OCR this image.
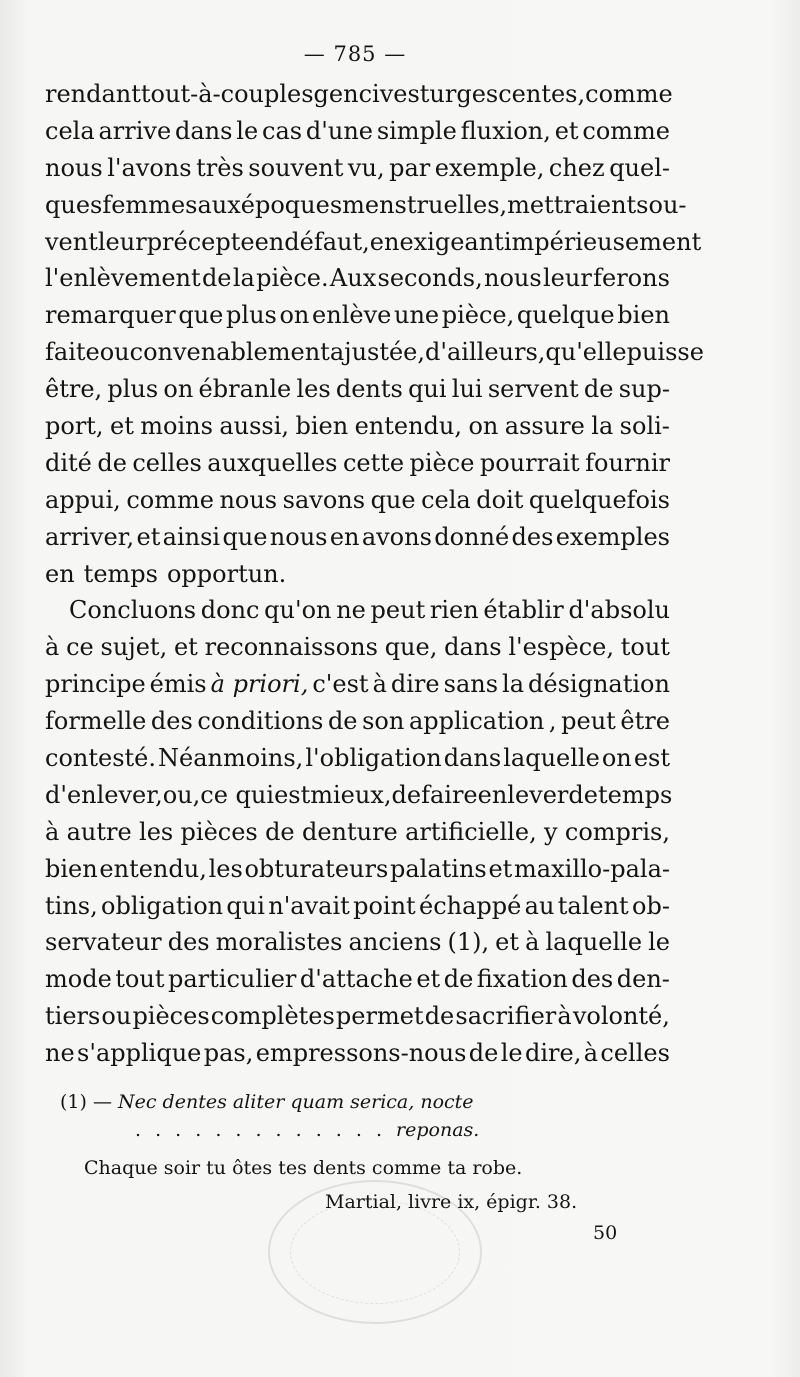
— 785 —
rendant tout-à-coup les gencives turgescentes, comme
cela arrive dans le cas d'une simple fluxion, et comme
nous l'avons très souvent vu, par exemple, chez quel-
ques femmes aux époques menstruelles, mettraient sou-
vent leur précepte en défaut, en exigeant impérieusement
l'enlèvement de la pièce. Aux seconds, nous leur ferons
remarquer que plus on enlève une pièce, quelque bien
faite ou convenablement ajustée, d'ailleurs, qu'elle puisse
être, plus on ébranle les dents qui lui servent de sup-
port, et moins aussi, bien entendu, on assure la soli-
dité de celles auxquelles cette pièce pourrait fournir
appui, comme nous savons que cela doit quelquefois
arriver, et ainsi que nous en avons donné des exemples
en temps opportun.
Concluons donc qu'on ne peut rien établir d'absolu
à ce sujet, et reconnaissons que, dans l'espèce, tout
principe émis à priori, c'est à dire sans la désignation
formelle des conditions de son application , peut être
contesté. Néanmoins, l'obligation dans laquelle on est
d'enlever, ou, ce qui est mieux, de faire enlever de temps
à autre les pièces de denture artificielle, y compris,
bien entendu, les obturateurs palatins et maxillo-pala-
tins, obligation qui n'avait point échappé au talent ob-
servateur des moralistes anciens (1), et à laquelle le
mode tout particulier d'attache et de fixation des den-
tiers ou pièces complètes permet de sacrifier à volonté,
ne s'applique pas, empressons-nous de le dire, à celles
(1) — Nec dentes aliter quam serica, nocte
. . . . . . . . . . . . . reponas.
Chaque soir tu ôtes tes dents comme ta robe.
Martial, livre ix, épigr. 38.
50
